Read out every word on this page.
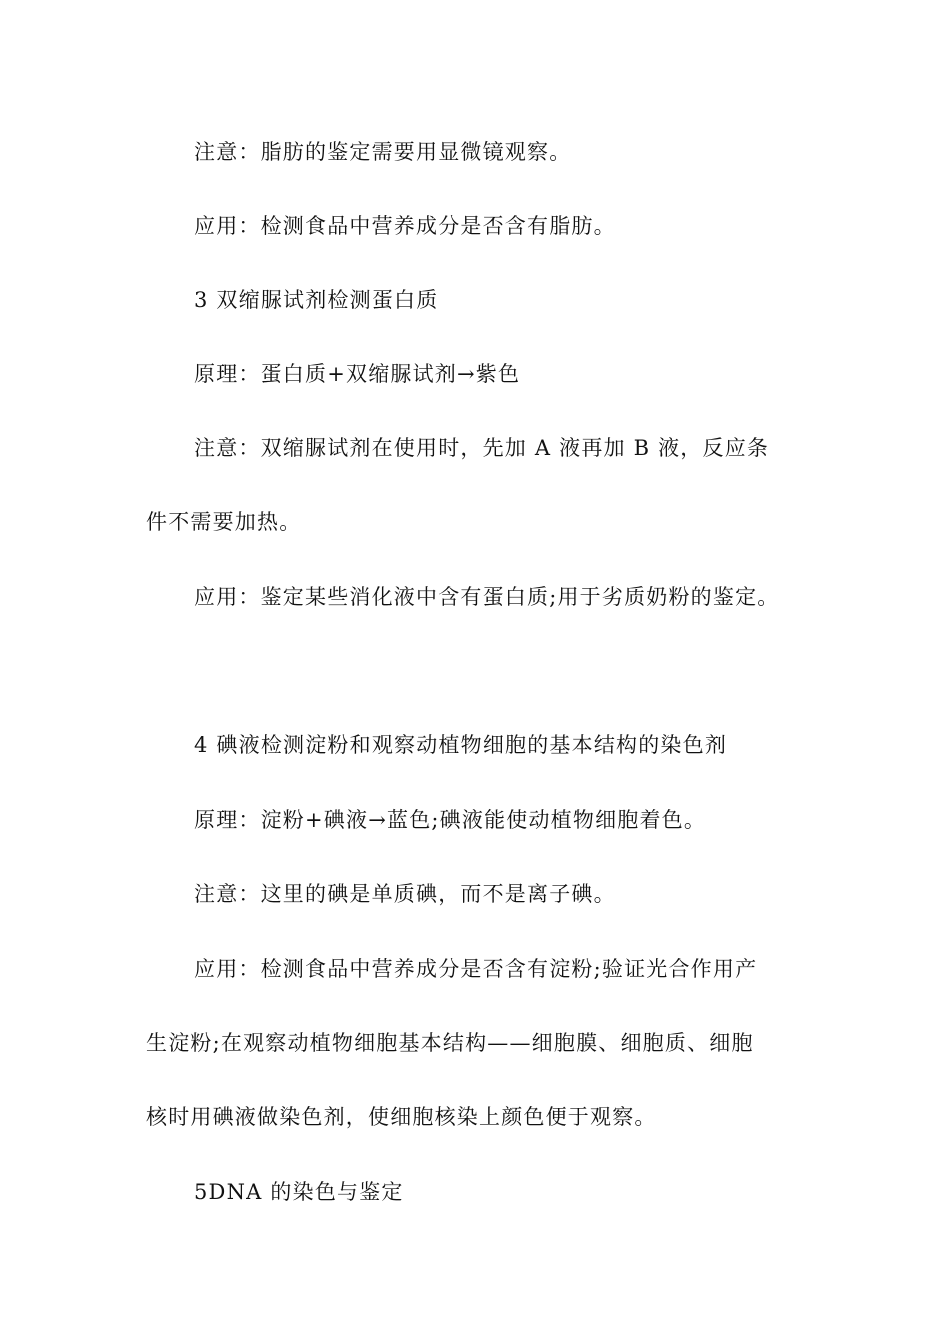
注意：脂肪的鉴定需要用显微镜观察。
应用：检测食品中营养成分是否含有脂肪。
3 双缩脲试剂检测蛋白质
原理：蛋白质+双缩脲试剂→紫色
注意：双缩脲试剂在使用时，先加 A 液再加 B 液，反应条
件不需要加热。
应用：鉴定某些消化液中含有蛋白质;用于劣质奶粉的鉴定。
4 碘液检测淀粉和观察动植物细胞的基本结构的染色剂
原理：淀粉+碘液→蓝色;碘液能使动植物细胞着色。
注意：这里的碘是单质碘，而不是离子碘。
应用：检测食品中营养成分是否含有淀粉;验证光合作用产
生淀粉;在观察动植物细胞基本结构——细胞膜、细胞质、细胞
核时用碘液做染色剂，使细胞核染上颜色便于观察。
5DNA 的染色与鉴定
